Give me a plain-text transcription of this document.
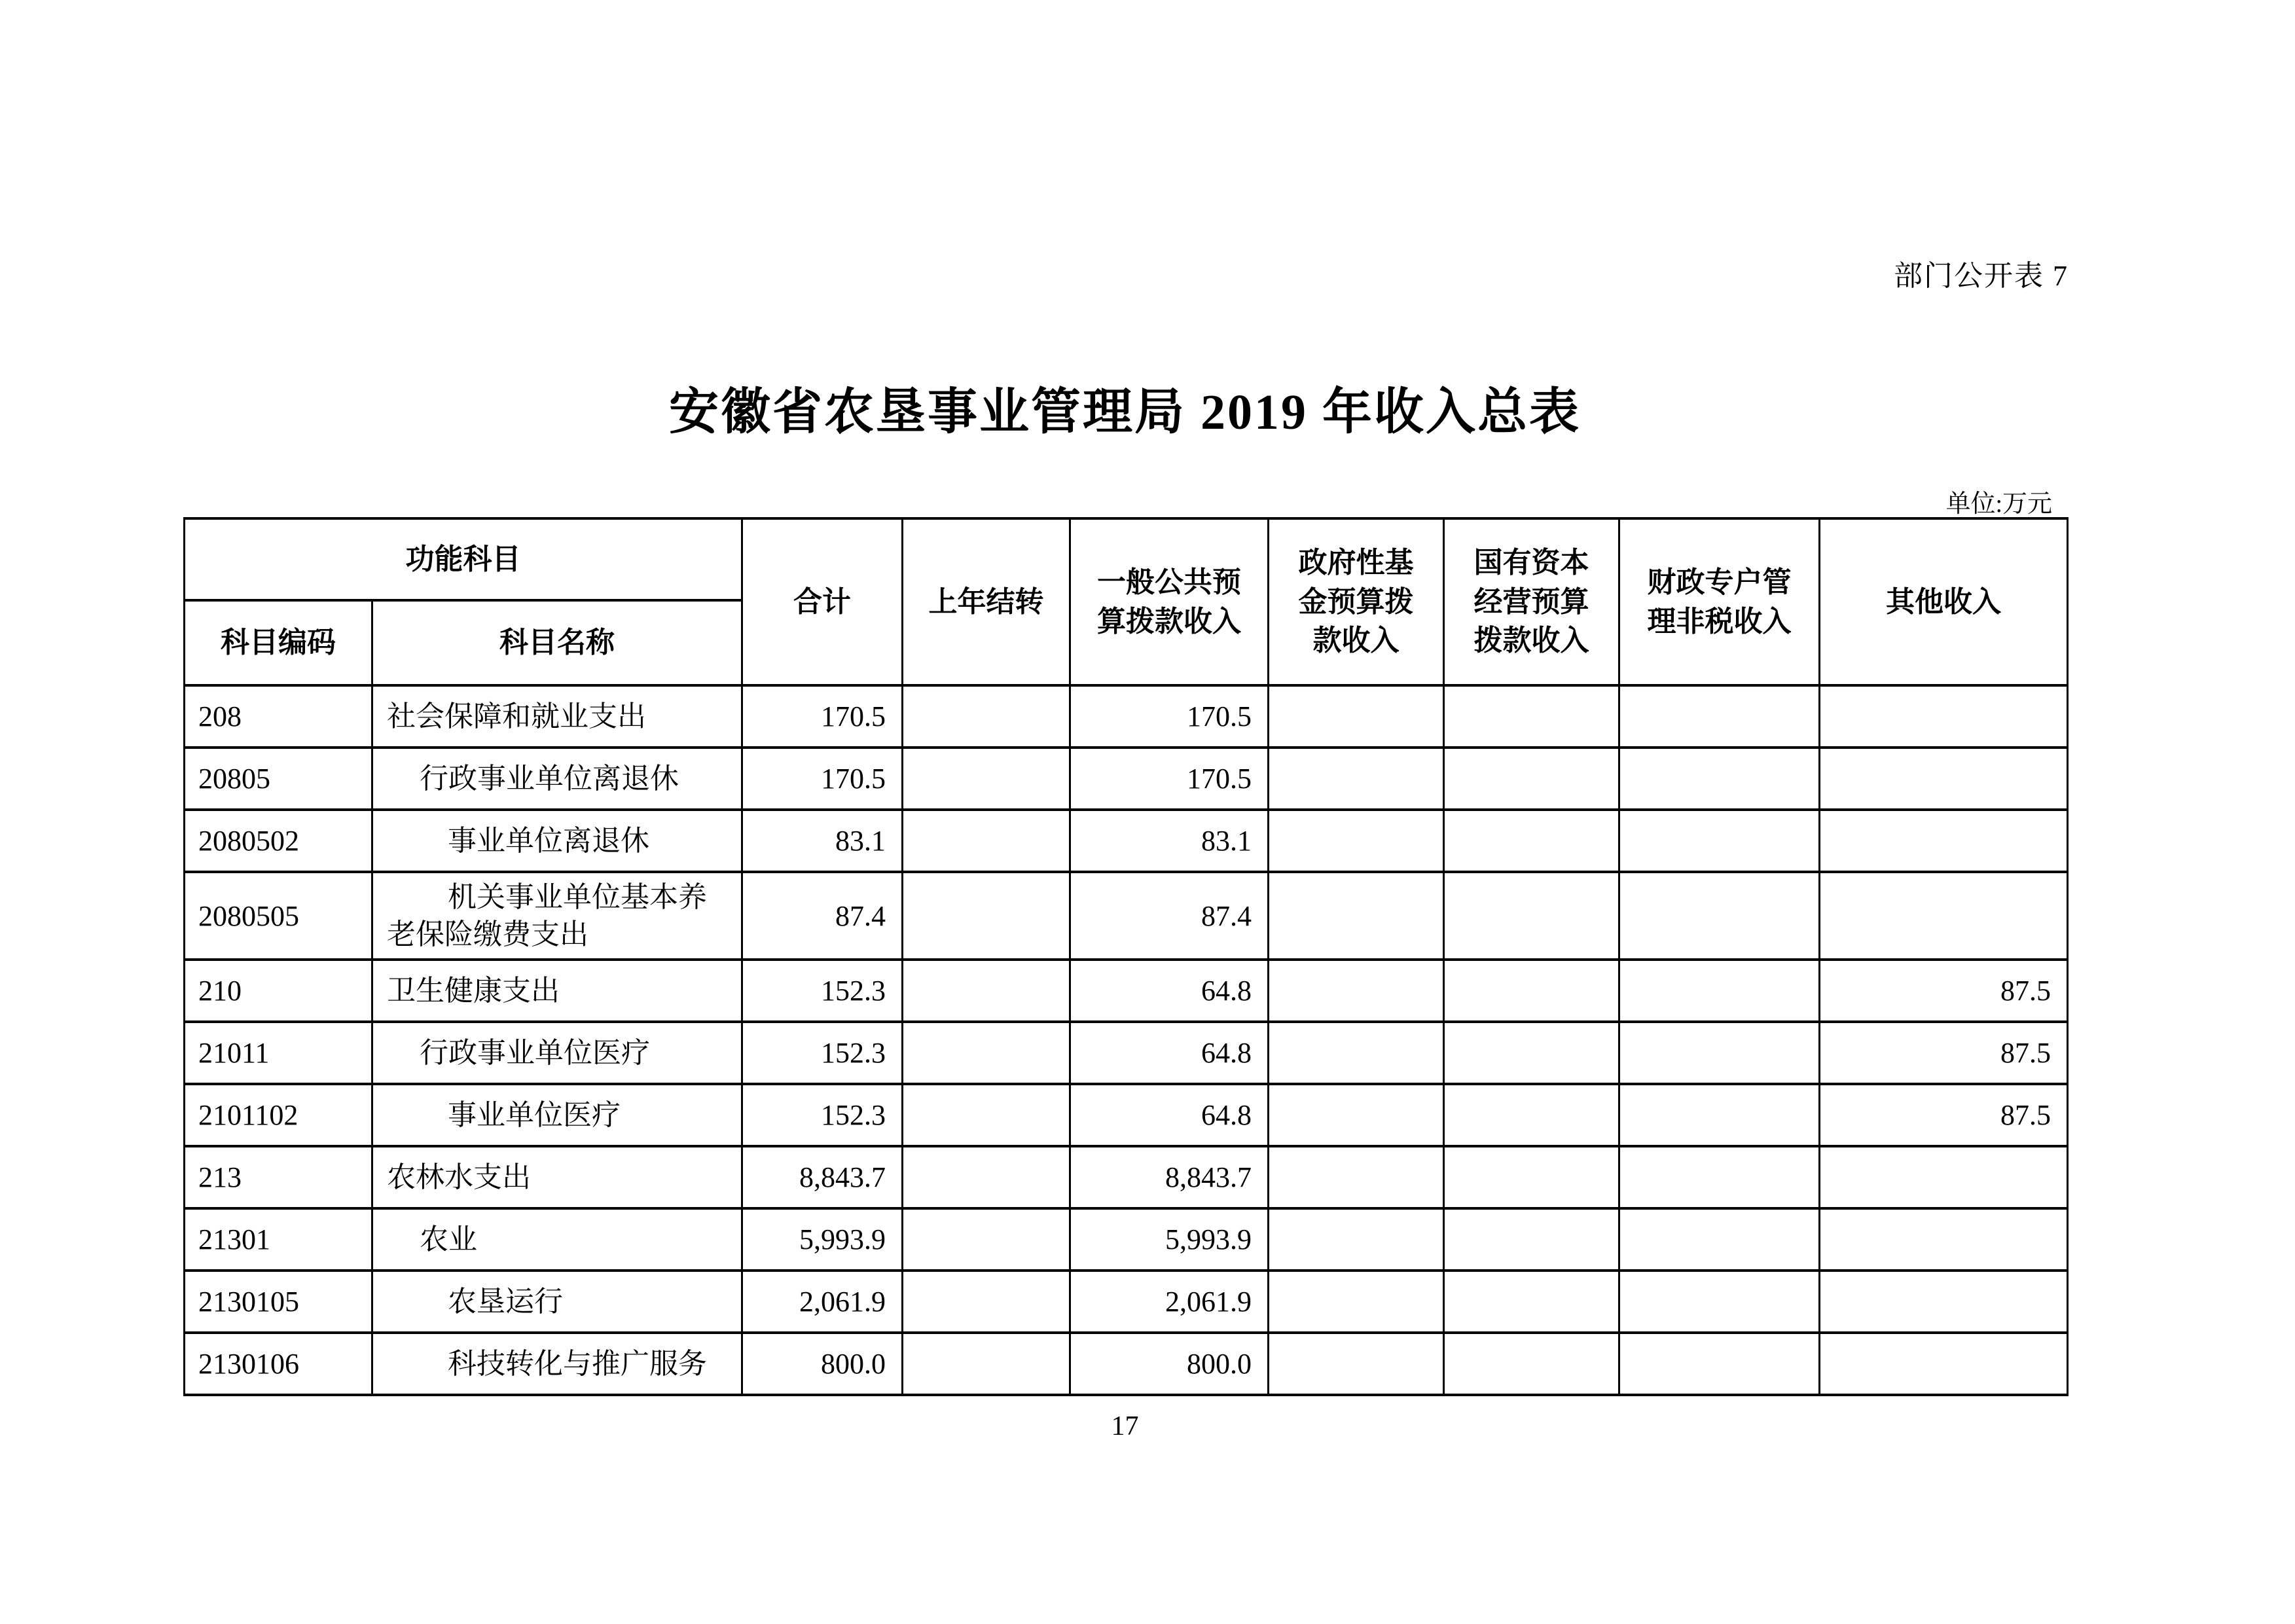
部门公开表 7
安徽省农垦事业管理局 2019 年收入总表
单位:万元
功能科目		合计	上年结转	一般公共预算拨款收入	政府性基金预算拨款收入	国有资本经营预算拨款收入	财政专户管理非税收入	其他收入
科目编码	科目名称							
208	社会保障和就业支出	170.5		170.5				
20805	行政事业单位离退休	170.5		170.5				
2080502	事业单位离退休	83.1		83.1				
2080505	机关事业单位基本养老保险缴费支出	87.4		87.4				
210	卫生健康支出	152.3		64.8				87.5
21011	行政事业单位医疗	152.3		64.8				87.5
2101102	事业单位医疗	152.3		64.8				87.5
213	农林水支出	8,843.7		8,843.7				
21301	农业	5,993.9		5,993.9				
2130105	农垦运行	2,061.9		2,061.9				
2130106	科技转化与推广服务	800.0		800.0				
17
